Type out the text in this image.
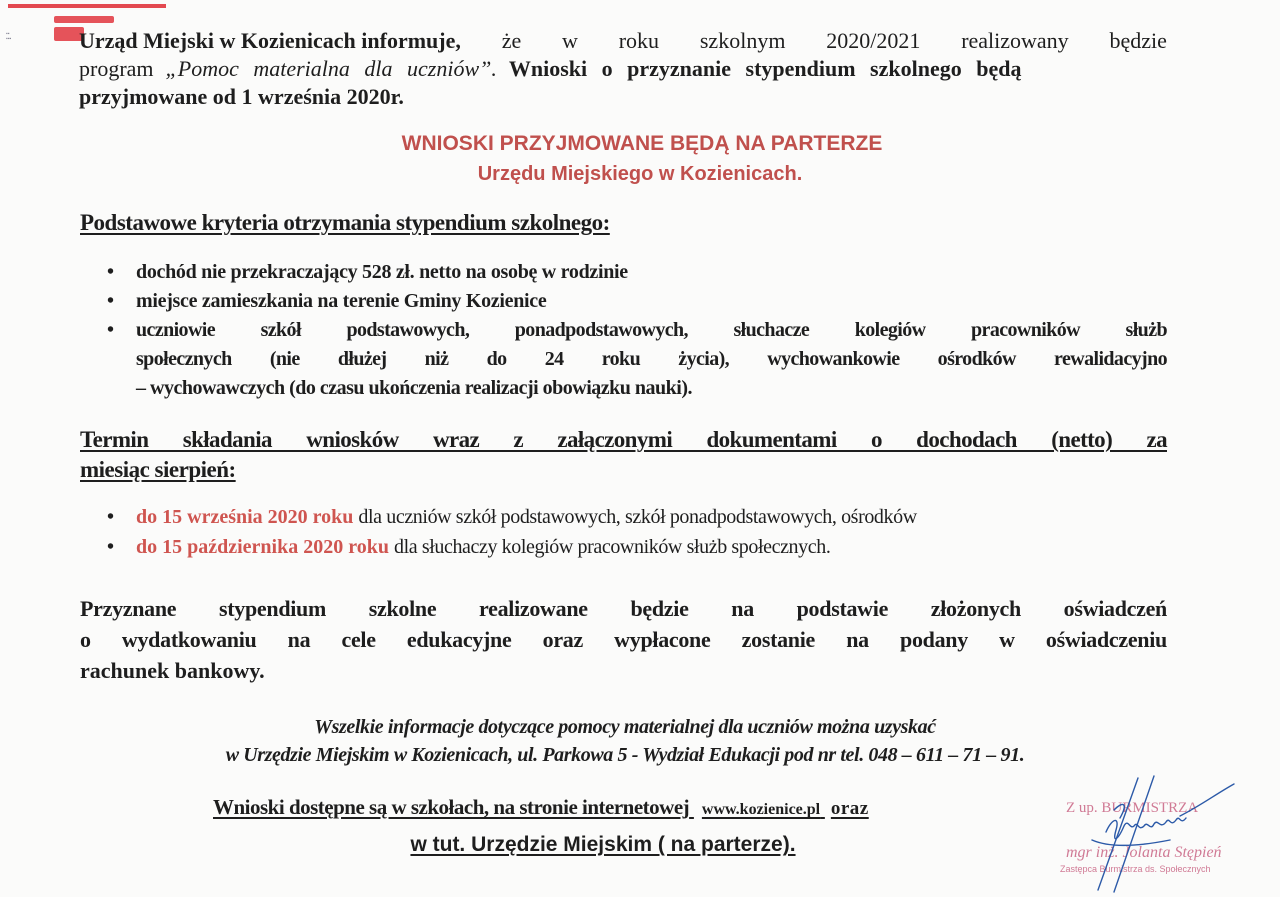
▪▪
▪▪▪	Urząd Miejski w Kozienicach informuje, że w roku szkolnym 2020/2021 realizowany będzie
program „Pomoc materialna dla uczniów”. Wnioski o przyznanie stypendium szkolnego będą
przyjmowane od 1 września 2020r.
WNIOSKI PRZYJMOWANE BĘDĄ NA PARTERZE
Urzędu Miejskiego w Kozienicach.
Podstawowe kryteria otrzymania stypendium szkolnego:
• dochód nie przekraczający 528 zł. netto na osobę w rodzinie
• miejsce zamieszkania na terenie Gminy Kozienice
• uczniowie szkół podstawowych, ponadpodstawowych, słuchacze kolegiów pracowników służb
społecznych (nie dłużej niż do 24 roku życia), wychowankowie ośrodków rewalidacyjno
– wychowawczych (do czasu ukończenia realizacji obowiązku nauki).
Termin składania wniosków wraz z załączonymi dokumentami o dochodach (netto) za
miesiąc sierpień:
• do 15 września 2020 roku dla uczniów szkół podstawowych, szkół ponadpodstawowych, ośrodków
• do 15 października 2020 roku dla słuchaczy kolegiów pracowników służb społecznych.
Przyznane stypendium szkolne realizowane będzie na podstawie złożonych oświadczeń
o wydatkowaniu na cele edukacyjne oraz wypłacone zostanie na podany w oświadczeniu
rachunek bankowy.
Wszelkie informacje dotyczące pomocy materialnej dla uczniów można uzyskać
w Urzędzie Miejskim w Kozienicach, ul. Parkowa 5 - Wydział Edukacji pod nr tel. 048 – 611 – 71 – 91.
Wnioski dostępne są w szkołach, na stronie internetowej www.kozienice.pl oraz
w tut. Urzędzie Miejskim ( na parterze).
Z up. BURMISTRZA
mgr inż. Jolanta Stępień
Zastępca Burmistrza ds. Społecznych
